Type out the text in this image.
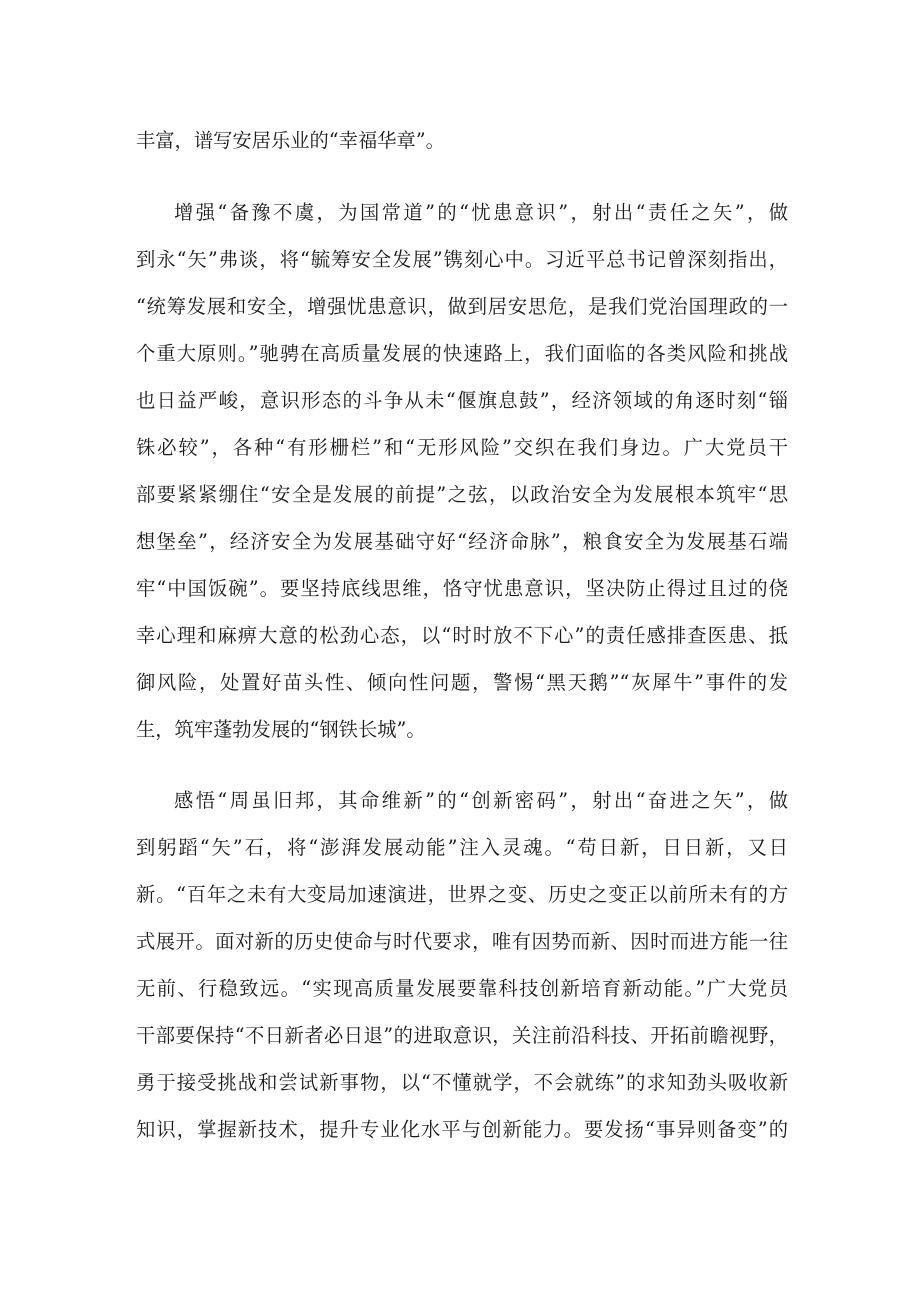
丰富，谱写安居乐业的“幸福华章”。
增强“备豫不虞，为国常道”的“忧患意识”，射出“责任之矢”，做
到永“矢”弗谈，将“毓筹安全发展”镌刻心中。习近平总书记曾深刻指出，
“统筹发展和安全，增强忧患意识，做到居安思危，是我们党治国理政的一
个重大原则。”驰骋在高质量发展的快速路上，我们面临的各类风险和挑战
也日益严峻，意识形态的斗争从未“偃旗息鼓”，经济领域的角逐时刻“锱
铢必较”，各种“有形栅栏”和“无形风险”交织在我们身边。广大党员干
部要紧紧绷住“安全是发展的前提”之弦，以政治安全为发展根本筑牢“思
想堡垒”，经济安全为发展基础守好“经济命脉”，粮食安全为发展基石端
牢“中国饭碗”。要坚持底线思维，恪守忧患意识，坚决防止得过且过的侥
幸心理和麻痹大意的松劲心态，以“时时放不下心”的责任感排查医患、抵
御风险，处置好苗头性、倾向性问题，警惕“黑天鹅”“灰犀牛”事件的发
生，筑牢蓬勃发展的“钢铁长城”。
感悟“周虽旧邦，其命维新”的“创新密码”，射出“奋进之矢”，做
到躬蹈“矢”石，将“澎湃发展动能”注入灵魂。“苟日新，日日新，又日
新。“百年之未有大变局加速演进，世界之变、历史之变正以前所未有的方
式展开。面对新的历史使命与时代要求，唯有因势而新、因时而进方能一往
无前、行稳致远。“实现高质量发展要靠科技创新培育新动能。”广大党员
干部要保持“不日新者必日退”的进取意识，关注前沿科技、开拓前瞻视野，
勇于接受挑战和尝试新事物，以“不懂就学，不会就练”的求知劲头吸收新
知识，掌握新技术，提升专业化水平与创新能力。要发扬“事异则备变”的
